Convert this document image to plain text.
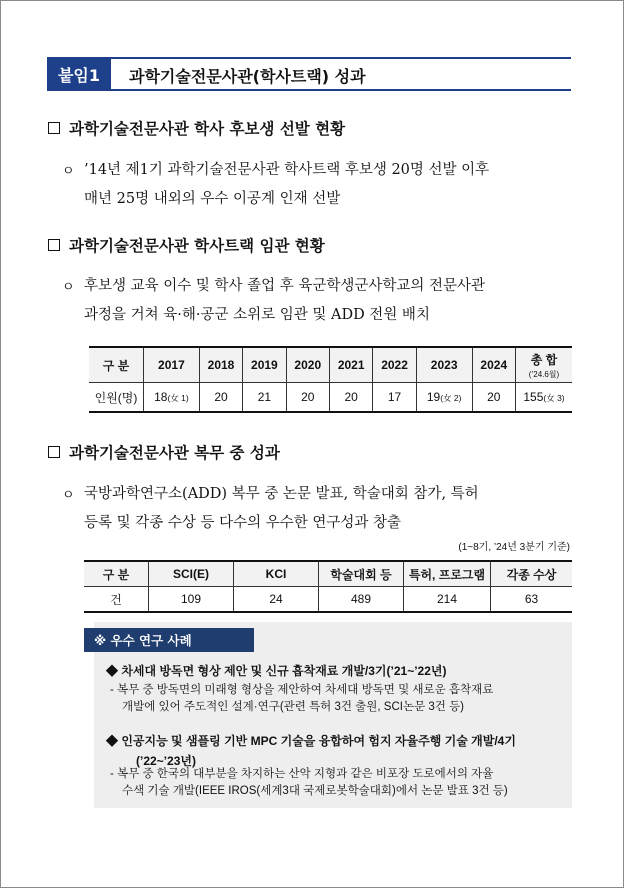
붙임1	과학기술전문사관(학사트랙) 성과
과학기술전문사관 학사 후보생 선발 현황
ㅇ ’14년 제1기 과학기술전문사관 학사트랙 후보생 20명 선발 이후
매년 25명 내외의 우수 이공계 인재 선발
과학기술전문사관 학사트랙 임관 현황
ㅇ 후보생 교육 이수 및 학사 졸업 후 육군학생군사학교의 전문사관
과정을 거쳐 육·해·공군 소위로 임관 및 ADD 전원 배치
구 분	2017	2018	2019	2020	2021	2022	2023	2024	총 합
(’24.6월)

인원(명)	18(女 1)	20	21	20	20	17	19(女 2)	20	155(女 3)
과학기술전문사관 복무 중 성과
ㅇ 국방과학연구소(ADD) 복무 중 논문 발표, 학술대회 참가, 특허
등록 및 각종 수상 등 다수의 우수한 연구성과 창출
(1~8기, ’24년 3분기 기준)
구 분	SCI(E)	KCI	학술대회 등	특허, 프로그램	각종 수상
건	109	24	489	214	63
※ 우수 연구 사례
◆ 차세대 방독면 형상 제안 및 신규 흡착재료 개발/3기(’21~’22년)
- 복무 중 방독면의 미래형 형상을 제안하여 차세대 방독면 및 새로운 흡착재료
개발에 있어 주도적인 설계·연구(관련 특허 3건 출원, SCI논문 3건 등)
◆ 인공지능 및 샘플링 기반 MPC 기술을 융합하여 험지 자율주행 기술 개발/4기
(’22~’23년)
- 복무 중 한국의 대부분을 차지하는 산악 지형과 같은 비포장 도로에서의 자율
수색 기술 개발(IEEE IROS(세계3대 국제로봇학술대회)에서 논문 발표 3건 등)
